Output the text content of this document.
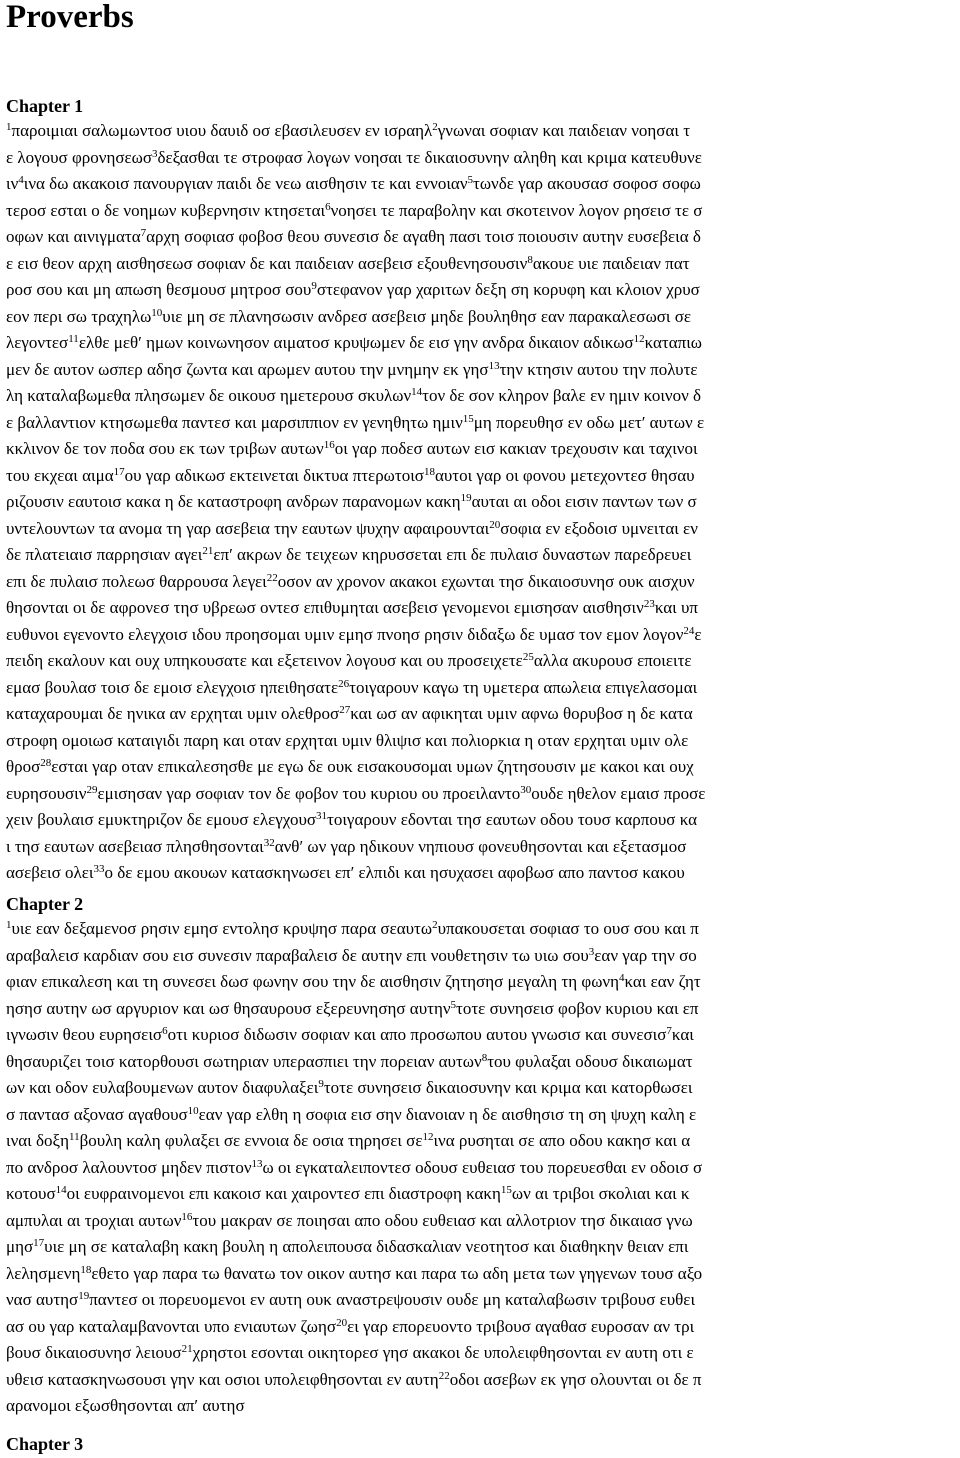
Proverbs
Chapter 1
$^1$παροιμιαι σαλωμωντοσ υιου δαυιδ οσ εβασιλευσεν εν ισραηλ$^2$γνωναι σοφιαν και παιδειαν νοησαι τ
ε λογουσ φρονησεωσ$^3$δεξασθαι τε στροφασ λογων νοησαι τε δικαιοσυνην αληθη και κριμα κατευθυνε
$\iota\nu^4\iota\nu\alpha$ δω ακακοισ πανουργιαν παιδι δε νεω αισθησιν τε και εννοιαν$^5$τωνδε γαρ ακουσασ σοφοσ σοφω
τεροσ εσται ο δε νοημων κυβερνησιν κτησεται$^6$νοησει τε παραβολην και σκοτεινον λογον ρησεισ τε σ
οφων και αινιγματα$^7$αρχη σοφιασ φοβοσ θεου συνεσισ δε αγαθη πασι τοισ ποιουσιν αυτην ευσεβεια δ
ε εισ θεον αρχη αισθησεωσ σοφιαν δε και παιδειαν ασεβεισ εξουθενησουσιν$^8$ακουε υιε παιδειαν πατ
ροσ σου και μη απωση θεσμουσ μητροσ σου$^9$στεφανον γαρ χαριτων δεξη ση κορυφη και κλοιον χρυσ
εον περι σω τραχηλω$^{10}$υιε μη σε πλανησωσιν ανδρεσ ασεβεισ μηδε βουληθησ εαν παρακαλεσωσι σε
λεγοντεσ$^{11}$ελθε μεθʹ ημων κοινωνησον αιματοσ κρυψωμεν δε εισ γην ανδρα δικαιον αδικωσ$^{12}$καταπιω
μεν δε αυτον ωσπερ αδησ ζωντα και αρωμεν αυτου την μνημην εκ γησ$^{13}$την κτησιν αυτου την πολυτε
λη καταλαβωμεθα πλησωμεν δε οικουσ ημετερουσ σκυλων$^{14}$τον δε σον κληρον βαλε εν ημιν κοινον δ
ε βαλλαντιον κτησωμεθα παντεσ και μαρσιππιον εν γενηθητω ημιν$^{15}$μη πορευθησ εν οδω μετʹ αυτων ε
κκλινον δε τον ποδα σου εκ των τριβων αυτων$^{16}$οι γαρ ποδεσ αυτων εισ κακιαν τρεχουσιν και ταχινοι
του εκχεαι αιμα$^{17}$ου γαρ αδικωσ εκτεινεται δικτυα πτερωτοισ$^{18}$αυτοι γαρ οι φονου μετεχοντεσ θησαυ
ριζουσιν εαυτοισ κακα η δε καταστροφη ανδρων παρανομων κακη$^{19}$αυται αι οδοι εισιν παντων των σ
υντελουντων τα ανομα τη γαρ ασεβεια την εαυτων ψυχην αφαιρουνται$^{20}$σοφια εν εξοδοισ υμνειται εν
δε πλατειαισ παρρησιαν αγει$^{21}$επʹ ακρων δε τειχεων κηρυσσεται επι δε πυλαισ δυναστων παρεδρευει
επι δε πυλαισ πολεωσ θαρρουσα λεγει$^{22}$οσον αν χρονον ακακοι εχωνται τησ δικαιοσυνησ ουκ αισχυν
θησονται οι δε αφρονεσ τησ υβρεωσ οντεσ επιθυμηται ασεβεισ γενομενοι εμισησαν αισθησιν$^{23}$και υπ
ευθυνοι εγενοντο ελεγχοισ ιδου προησομαι υμιν εμησ πνοησ ρησιν διδαξω δε υμασ τον εμον λογον$^{24}$ε
πειδη εκαλουν και ουχ υπηκουσατε και εξετεινον λογουσ και ου προσειχετε$^{25}$αλλα ακυρουσ εποιειτε
εμασ βουλασ τοισ δε εμοισ ελεγχοισ ηπειθησατε$^{26}$τοιγαρουν καγω τη υμετερα απωλεια επιγελασομαι
καταχαρουμαι δε ηνικα αν ερχηται υμιν ολεθροσ$^{27}$και ωσ αν αφικηται υμιν αφνω θορυβοσ η δε κατα
στροφη ομοιωσ καταιγιδι παρη και οταν ερχηται υμιν θλιψισ και πολιορκια η οταν ερχηται υμιν ολε
θροσ$^{28}$εσται γαρ οταν επικαλεσησθε με εγω δε ουκ εισακουσομαι υμων ζητησουσιν με κακοι και ουχ
ευρησουσιν$^{29}$εμισησαν γαρ σοφιαν τον δε φοβον του κυριου ου προειλαντο$^{30}$ουδε ηθελον εμαισ προσε
χειν βουλαισ εμυκτηριζον δε εμουσ ελεγχουσ$^{31}$τοιγαρουν εδονται τησ εαυτων οδου τουσ καρπουσ κα
ι τησ εαυτων ασεβειασ πλησθησονται$^{32}$ανθʹ ων γαρ ηδικουν νηπιουσ φονευθησονται και εξετασμοσ
ασεβεισ ολει$^{33}$ο δε εμου ακουων κατασκηνωσει επʹ ελπιδι και ησυχασει αφοβωσ απο παντοσ κακου
Chapter 2
$^1$υιε εαν δεξαμενοσ ρησιν εμησ εντολησ κρυψησ παρα σεαυτω$^2$υπακουσεται σοφιασ το ουσ σου και π
αραβαλεισ καρδιαν σου εισ συνεσιν παραβαλεισ δε αυτην επι νουθετησιν τω υιω σου$^3$εαν γαρ την σο
φιαν επικαλεση και τη συνεσει δωσ φωνην σου την δε αισθησιν ζητησησ μεγαλη τη φωνη$^4$και εαν ζητ
ησησ αυτην ωσ αργυριον και ωσ θησαυρουσ εξερευνησησ αυτην$^5$τοτε συνησεισ φοβον κυριου και επ
ιγνωσιν θεου ευρησεισ$^6$οτι κυριοσ διδωσιν σοφιαν και απο προσωπου αυτου γνωσισ και συνεσισ$^7$και
θησαυριζει τοισ κατορθουσι σωτηριαν υπερασπιει την πορειαν αυτων$^8$του φυλαξαι οδουσ δικαιωματ
ων και οδον ευλαβουμενων αυτον διαφυλαξει$^9$τοτε συνησεισ δικαιοσυνην και κριμα και κατορθωσει
σ παντασ αξονασ αγαθουσ$^{10}$εαν γαρ ελθη η σοφια εισ σην διανοιαν η δε αισθησισ τη ση ψυχη καλη ε
ιναι δοξη$^{11}$βουλη καλη φυλαξει σε εννοια δε οσια τηρησει $\sigma\varepsilon^{12}\iota\nu\alpha$ ρυσηται σε απο οδου κακησ και α
πο ανδροσ λαλουντοσ μηδεν πιστον$^{13}$ω οι εγκαταλειποντεσ οδουσ ευθειασ του πορευεσθαι εν οδοισ σ
κοτουσ$^{14}$οι ευφραινομενοι επι κακοισ και χαιροντεσ επι διαστροφη κακη$^{15}$ων αι τριβοι σκολιαι και κ
αμπυλαι αι τροχιαι αυτων$^{16}$του μακραν σε ποιησαι απο οδου ευθειασ και αλλοτριον τησ δικαιασ γνω
μησ$^{17}$υιε μη σε καταλαβη κακη βουλη η απολειπουσα διδασκαλιαν νεοτητοσ και διαθηκην θειαν επι
λελησμενη$^{18}$εθετο γαρ παρα τω θανατω τον οικον αυτησ και παρα τω αδη μετα των γηγενων τουσ αξο
νασ αυτησ$^{19}$παντεσ οι πορευομενοι εν αυτη ουκ αναστρεψουσιν ουδε μη καταλαβωσιν τριβουσ ευθει
ασ ου γαρ καταλαμβανονται υπο ενιαυτων ζωησ$^{20}$ει γαρ επορευοντο τριβουσ αγαθασ ευροσαν αν τρι
βουσ δικαιοσυνησ λειουσ$^{21}$χρηστοι εσονται οικητορεσ γησ ακακοι δε υπολειφθησονται εν αυτη οτι ε
υθεισ κατασκηνωσουσι γην και οσιοι υπολειφθησονται εν αυτη$^{22}$οδοι ασεβων εκ γησ ολουνται οι δε π
αρανομοι εξωσθησονται απʹ αυτησ
Chapter 3
